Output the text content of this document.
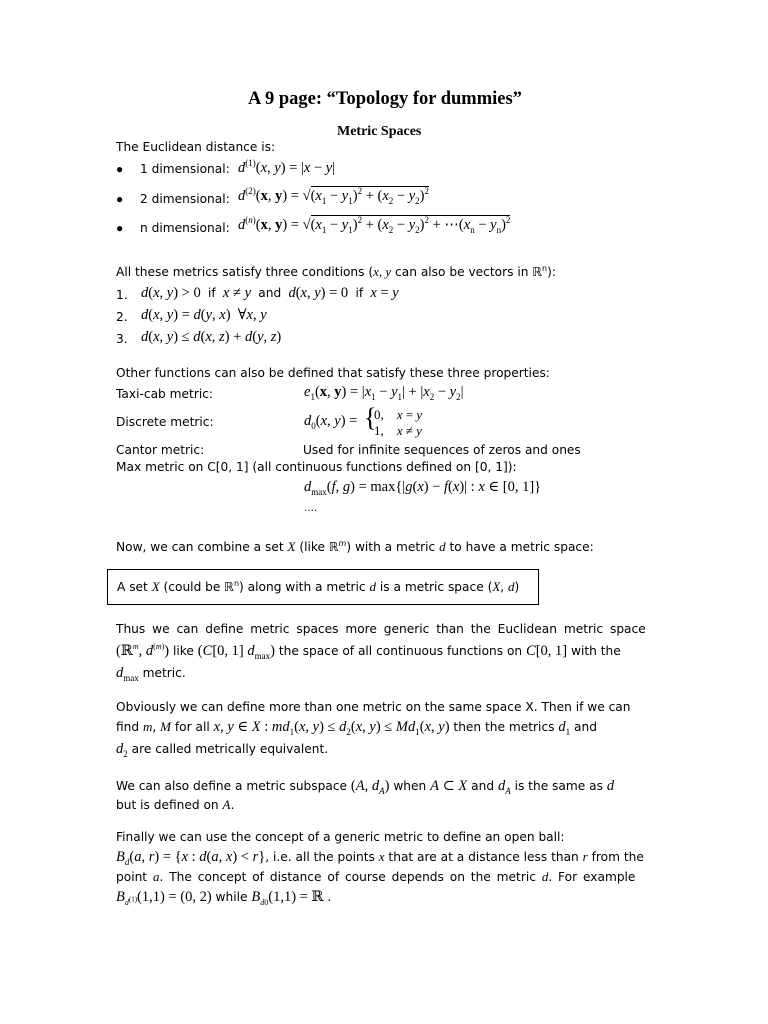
A 9 page: “Topology for dummies”
Metric Spaces
The Euclidean distance is:
● 1 dimensional: $d^{(1)}(x$, y) = |x − y|
● 2 dimensional: $d^{(2)}(x$, $y) = √(x_1 - y_1)^2 + (x_2 - y_2)^2$
● n dimensional: $d^{(n)}(x$, $y) = √(x_1 - y_1)^2 + (x_2 - y_2)^2$ + $\cdots(x_n - y_n)^2$
All these metrics satisfy three conditions (x, y can also be vectors in ℝ$^n$):
1. d(x, y) > 0  if x ≠ y and d(x, y) = 0  if x = y
2. d(x, y) = d(y, x)  ∀x, y
3. d(x, y) ≤ d(x, z) + d(y, z)
Other functions can also be defined that satisfy these three properties:
Taxi-cab metric:	$e_1(x$, $y) = |x_1 - y_1| + |x_2 - y_2|$
Discrete metric:	$d_0(x$, y) = {
0,    x = y
1,    x ≠ y
Cantor metric:	Used for infinite sequences of zeros and ones
Max metric on C[0, 1] (all continuous functions defined on [0, 1]):
$d_{max}(f$, g) = max{|g(x) − f(x)| : x ∈ [0, 1]}
….
Now, we can combine a set X (like ℝ$^m$) with a metric d to have a metric space:
A set X (could be ℝ$^n$) along with a metric d is a metric space (X, d)
Thus we can define metric spaces more generic than the Euclidean metric space
(ℝ$^m$, $d^{(m)}$) like (C[0, 1] $d_{max}$) the space of all continuous functions on C[0, 1] with the
$d_{max}$ metric.
Obviously we can define more than one metric on the same space X. Then if we can
find m, M for all x, y ∈ X : $md_1(x$, $y) \le d_2(x$, $y) \le Md_1(x$, y) then the metrics $d_1$ and
$d_2$ are called metrically equivalent.
We can also define a metric subspace (A, $d_A$) when A ⊂ X and $d_A$ is the same as d
but is defined on A.
Finally we can use the concept of a generic metric to define an open ball:
$B_d(a$, r) = {x : d(a, x) < r}, i.e. all the points x that are at a distance less than r from the
point a. The concept of distance of course depends on the metric d. For example
$B_{d^{(1)}}(1,1) = (0$, 2) while $B_{d0}(1,1)$ = ℝ .
